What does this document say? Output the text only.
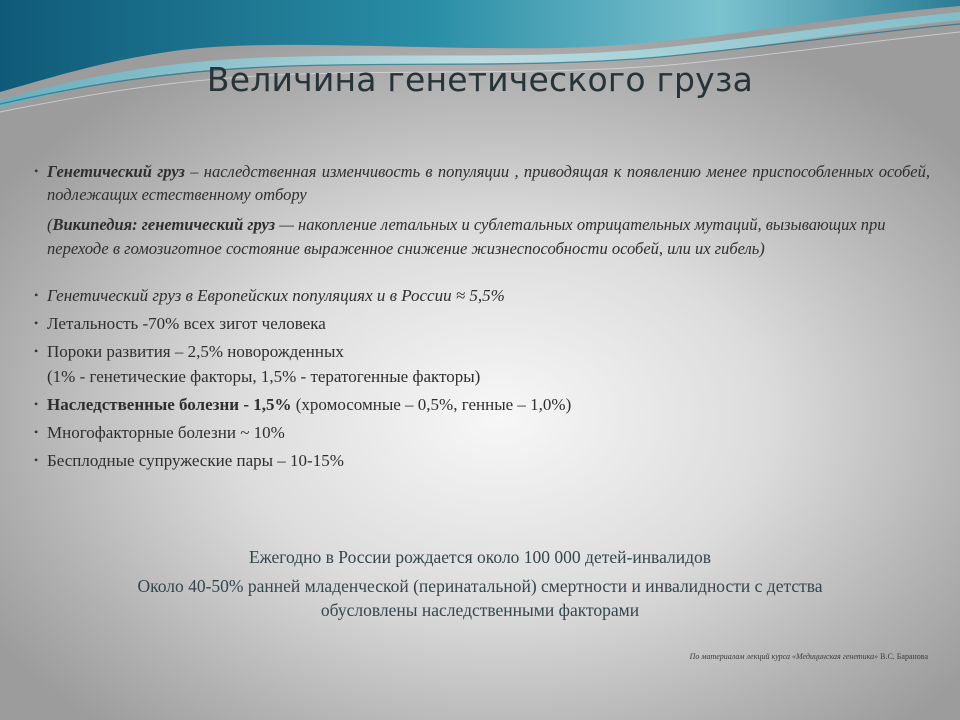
Величина генетического груза
• Генетический груз – наследственная изменчивость в популяции , приводящая к появлению менее приспособленных особей, подлежащих естественному отбору
(Википедия: генетический груз — накопление летальных и сублетальных отрицательных мутаций, вызывающих при переходе в гомозиготное состояние выраженное снижение жизнеспособности особей, или их гибель)
• Генетический груз в Европейских популяциях и в России ≈ 5,5%
• Летальность -70% всех зигот человека
• Пороки развития – 2,5% новорожденных
(1% - генетические факторы, 1,5% - тератогенные факторы)
• Наследственные болезни - 1,5% (хромосомные – 0,5%, генные – 1,0%)
• Многофакторные болезни ~ 10%
• Бесплодные супружеские пары – 10-15%

Ежегодно в России рождается около 100 000 детей-инвалидов

Около 40-50% ранней младенческой (перинатальной) смертности и инвалидности с детства

обусловлены наследственными факторами

По материалам лекций курса «Медицинская генетика» В.С. Баранова
